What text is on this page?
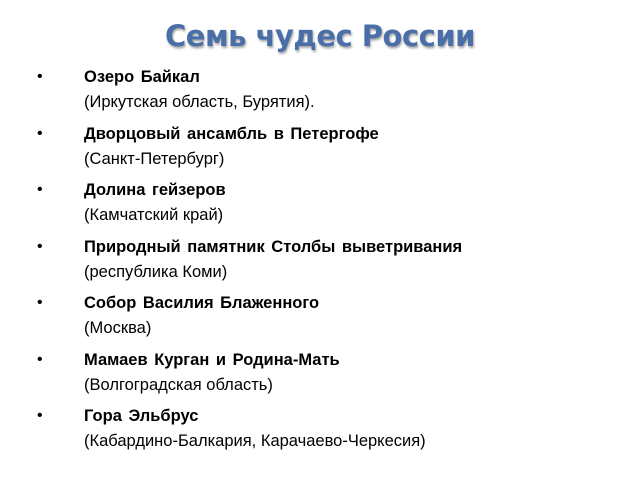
Семь чудес России
•	Озеро Байкал
(Иркутская область, Бурятия).
•	Дворцовый ансамбль в Петергофе
(Санкт-Петербург)
•	Долина гейзеров
(Камчатский край)
•	Природный памятник Столбы выветривания
(республика Коми)
•	Собор Василия Блаженного
(Москва)
•	Мамаев Курган и Родина-Мать
(Волгоградская область)
•	Гора Эльбрус
(Кабардино-Балкария, Карачаево-Черкесия)
